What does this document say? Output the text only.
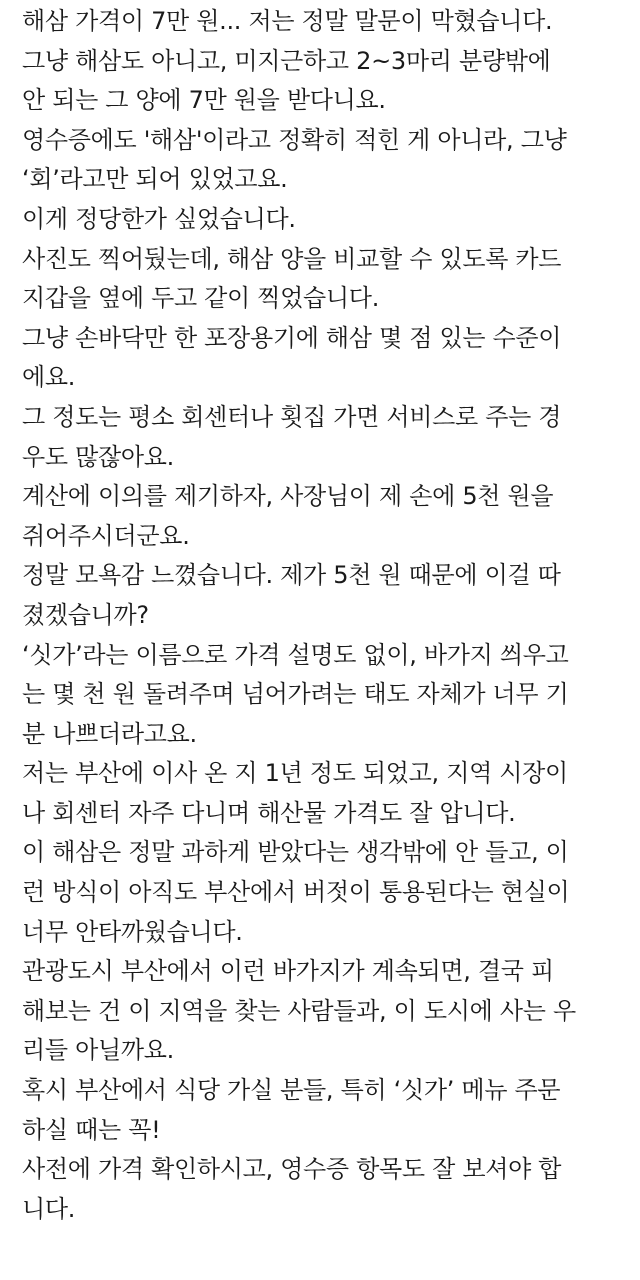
해삼 가격이 7만 원... 저는 정말 말문이 막혔습니다.
그냥 해삼도 아니고, 미지근하고 2~3마리 분량밖에
안 되는 그 양에 7만 원을 받다니요.
영수증에도 '해삼'이라고 정확히 적힌 게 아니라, 그냥
‘회’라고만 되어 있었고요.
이게 정당한가 싶었습니다.
사진도 찍어뒀는데, 해삼 양을 비교할 수 있도록 카드
지갑을 옆에 두고 같이 찍었습니다.
그냥 손바닥만 한 포장용기에 해삼 몇 점 있는 수준이
에요.
그 정도는 평소 회센터나 횟집 가면 서비스로 주는 경
우도 많잖아요.
계산에 이의를 제기하자, 사장님이 제 손에 5천 원을
쥐어주시더군요.
정말 모욕감 느꼈습니다. 제가 5천 원 때문에 이걸 따
졌겠습니까?
‘싯가’라는 이름으로 가격 설명도 없이, 바가지 씌우고
는 몇 천 원 돌려주며 넘어가려는 태도 자체가 너무 기
분 나쁘더라고요.
저는 부산에 이사 온 지 1년 정도 되었고, 지역 시장이
나 회센터 자주 다니며 해산물 가격도 잘 압니다.
이 해삼은 정말 과하게 받았다는 생각밖에 안 들고, 이
런 방식이 아직도 부산에서 버젓이 통용된다는 현실이
너무 안타까웠습니다.
관광도시 부산에서 이런 바가지가 계속되면, 결국 피
해보는 건 이 지역을 찾는 사람들과, 이 도시에 사는 우
리들 아닐까요.
혹시 부산에서 식당 가실 분들, 특히 ‘싯가’ 메뉴 주문
하실 때는 꼭!
사전에 가격 확인하시고, 영수증 항목도 잘 보셔야 합
니다.
